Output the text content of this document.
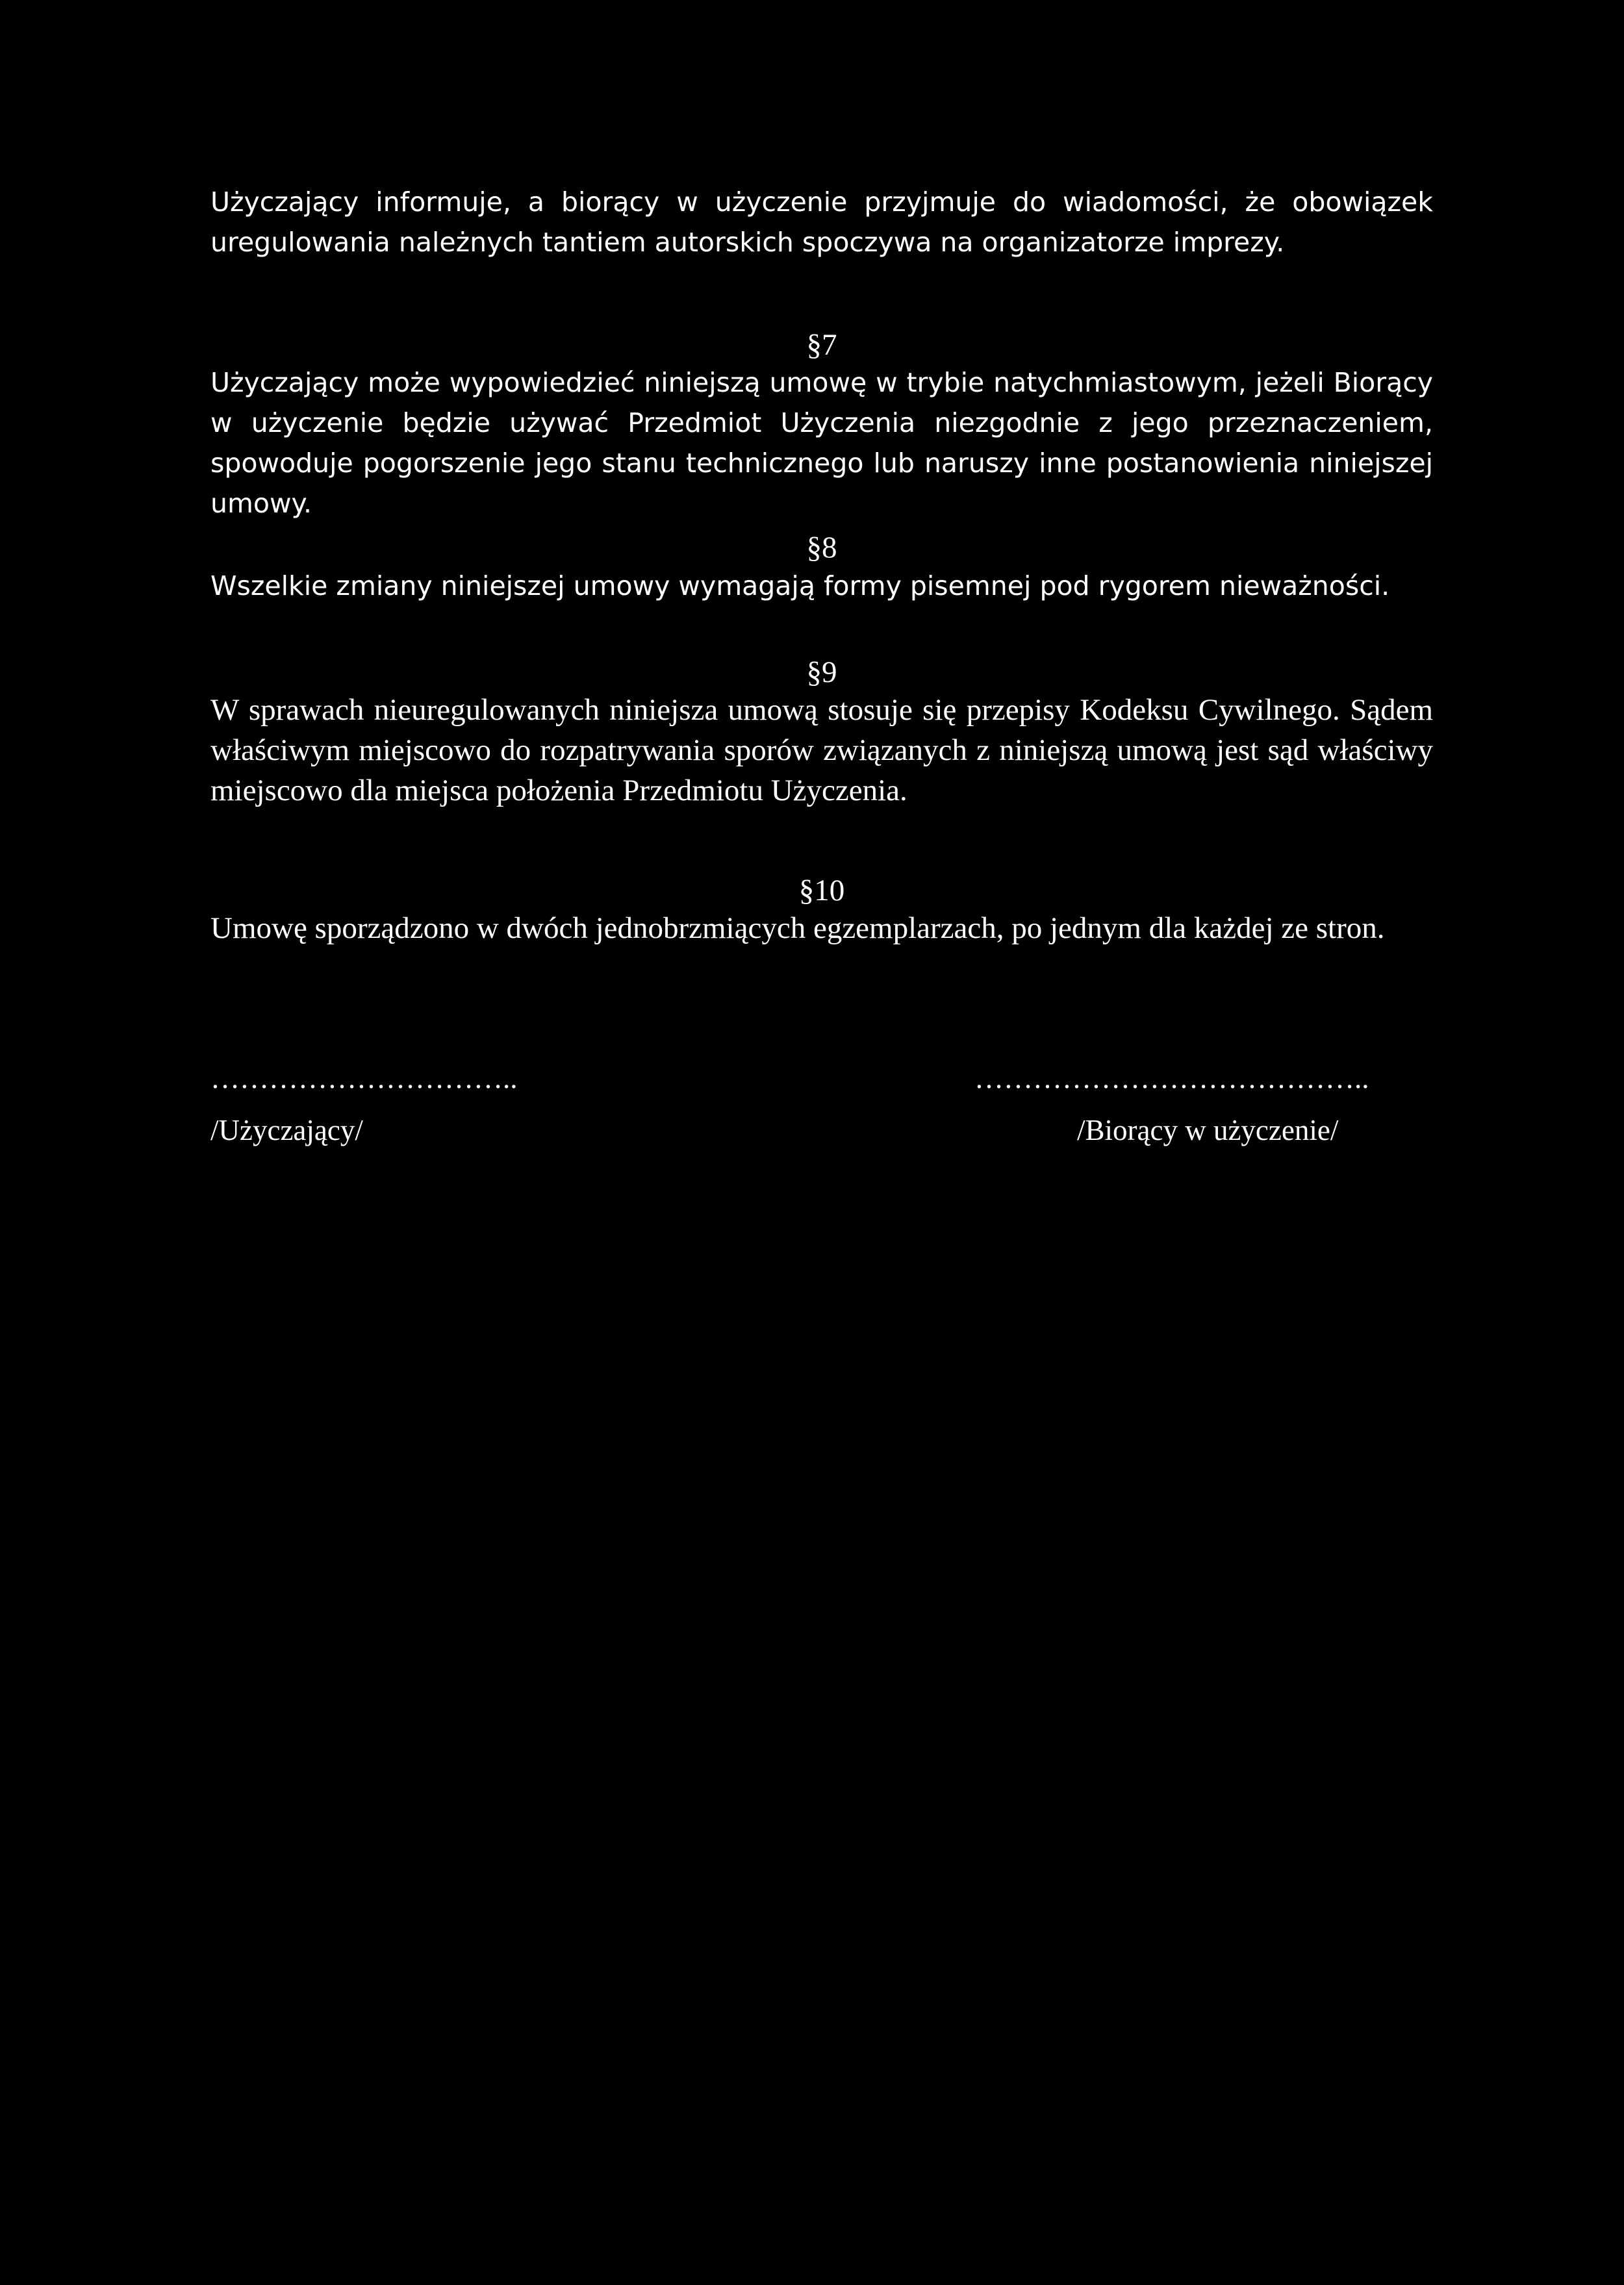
Użyczający informuje, a biorący w użyczenie przyjmuje do wiadomości, że obowiązek uregulowania należnych tantiem autorskich spoczywa na organizatorze imprezy.

§7

Użyczający może wypowiedzieć niniejszą umowę w trybie natychmiastowym, jeżeli Biorący w użyczenie będzie używać Przedmiot Użyczenia niezgodnie z jego przeznaczeniem, spowoduje pogorszenie jego stanu technicznego lub naruszy inne postanowienia niniejszej umowy.

§8

Wszelkie zmiany niniejszej umowy wymagają formy pisemnej pod rygorem nieważności.

§9

W sprawach nieuregulowanych niniejsza umową stosuje się przepisy Kodeksu Cywilnego. Sądem właściwym miejscowo do rozpatrywania sporów związanych z niniejszą umową jest sąd właściwy miejscowo dla miejsca położenia Przedmiotu Użyczenia.

§10

Umowę sporządzono w dwóch jednobrzmiących egzemplarzach, po jednym dla każdej ze stron.

…………………………..	…………………………………..

/Użyczający/	/Biorący w użyczenie/
